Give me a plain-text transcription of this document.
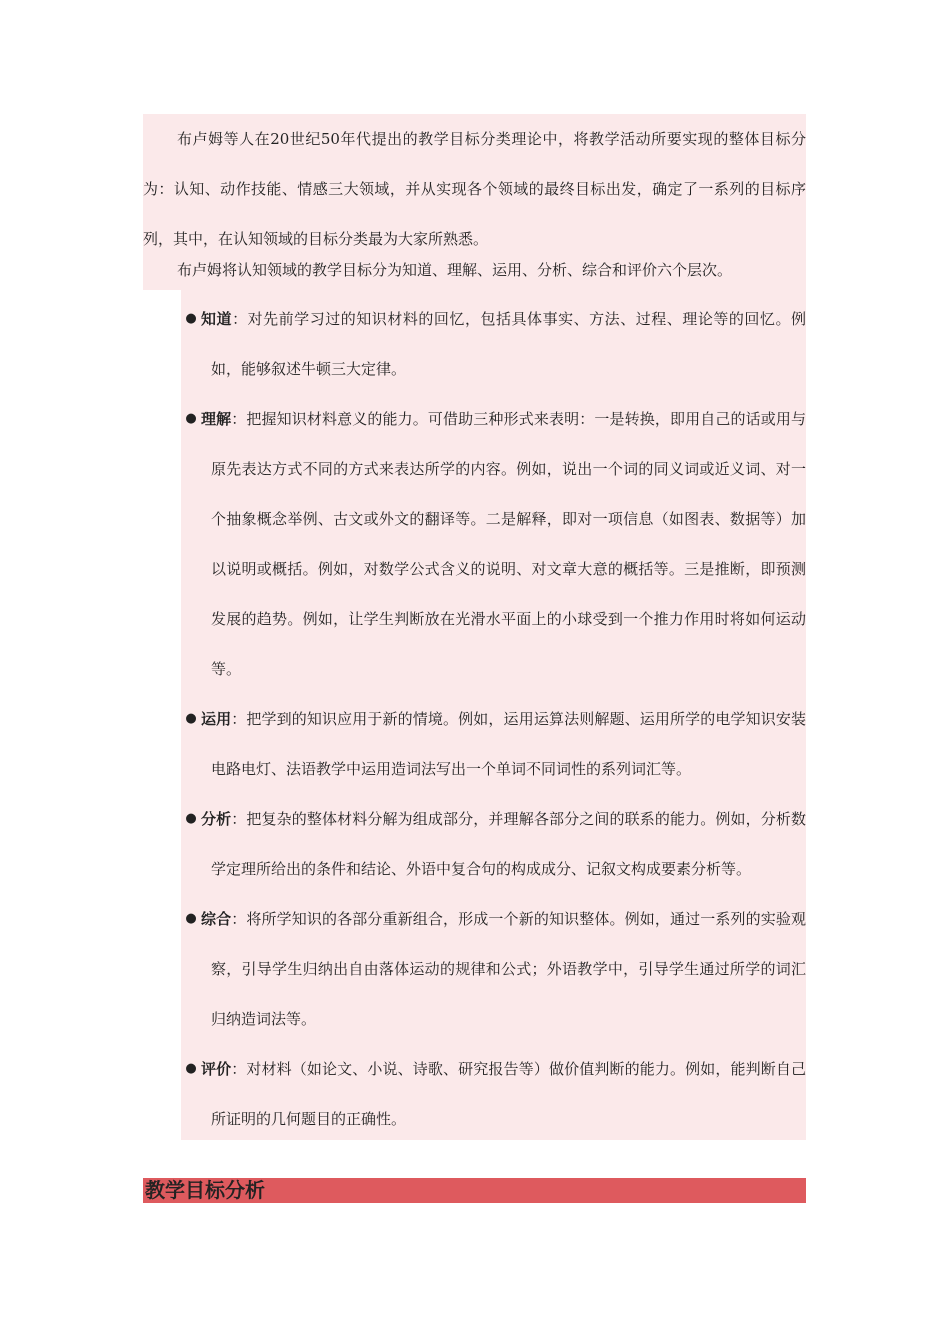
布卢姆等人在20世纪50年代提出的教学目标分类理论中，将教学活动所要实现的整体目标分为：认知、动作技能、情感三大领域，并从实现各个领域的最终目标出发，确定了一系列的目标序列，其中，在认知领域的目标分类最为大家所熟悉。

布卢姆将认知领域的教学目标分为知道、理解、运用、分析、综合和评价六个层次。

● 知道：对先前学习过的知识材料的回忆，包括具体事实、方法、过程、理论等的回忆。例如，能够叙述牛顿三大定律。
● 理解：把握知识材料意义的能力。可借助三种形式来表明：一是转换，即用自己的话或用与原先表达方式不同的方式来表达所学的内容。例如，说出一个词的同义词或近义词、对一个抽象概念举例、古文或外文的翻译等。二是解释，即对一项信息（如图表、数据等）加以说明或概括。例如，对数学公式含义的说明、对文章大意的概括等。三是推断，即预测发展的趋势。例如，让学生判断放在光滑水平面上的小球受到一个推力作用时将如何运动等。
● 运用：把学到的知识应用于新的情境。例如，运用运算法则解题、运用所学的电学知识安装电路电灯、法语教学中运用造词法写出一个单词不同词性的系列词汇等。
● 分析：把复杂的整体材料分解为组成部分，并理解各部分之间的联系的能力。例如，分析数学定理所给出的条件和结论、外语中复合句的构成成分、记叙文构成要素分析等。
● 综合：将所学知识的各部分重新组合，形成一个新的知识整体。例如，通过一系列的实验观察，引导学生归纳出自由落体运动的规律和公式；外语教学中，引导学生通过所学的词汇归纳造词法等。
● 评价：对材料（如论文、小说、诗歌、研究报告等）做价值判断的能力。例如，能判断自己所证明的几何题目的正确性。
教学目标分析
